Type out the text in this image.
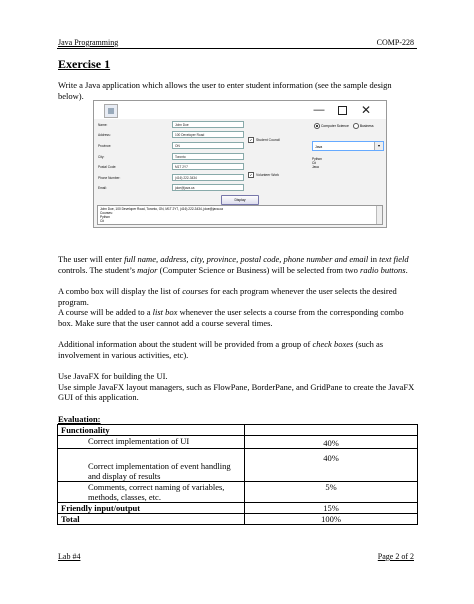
Java Programming	COMP-228
Exercise 1
Write a Java application which allows the user to enter student information (see the sample design below).
—	✕
Name:	John Doe
Address:	100 Developer Road
Province:	ON
City:	Toronto
Postal Code:	M1T 2Y7
Phone Number:	(416) 222-3434
Email:	jdoe@java.ca
✔	Student Council
✔	Volunteer Work
Computer Science	Business
Java	▾
Python
C#
Java
Display
John Doe, 100 Developer Road, Toronto, ON, M1T 2Y7, (416) 222-3434, jdoe@java.ca
Courses:
Python
C#
The user will enter full name, address, city, province, postal code, phone number and email in text field controls. The student’s major (Computer Science or Business) will be selected from two radio buttons.
A combo box will display the list of courses for each program whenever the user selects the desired program.
A course will be added to a list box whenever the user selects a course from the corresponding combo box. Make sure that the user cannot add a course several times.
Additional information about the student will be provided from a group of check boxes (such as involvement in various activities, etc).
Use JavaFX for building the UI.
Use simple JavaFX layout managers, such as FlowPane, BorderPane, and GridPane to create the JavaFX GUI of this application.
Evaluation:
Functionality	
Correct implementation of UI	40%
Correct implementation of event handling and display of results	40%
Comments, correct naming of variables, methods, classes, etc.	5%
Friendly input/output	15%
Total	100%
Lab #4	Page 2 of 2
